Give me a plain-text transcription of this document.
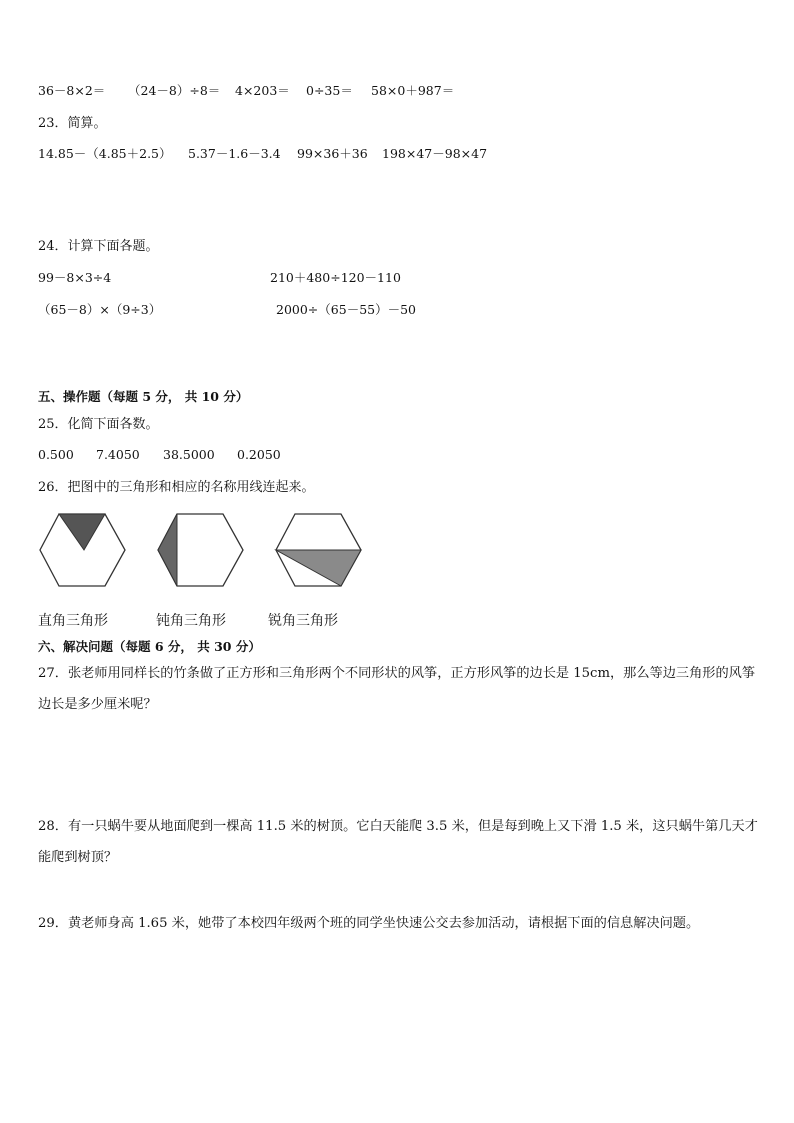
36－8×2＝ （24－8）÷8＝ 4×203＝ 0÷35＝ 58×0＋987＝
23．简算。
14.85－（4.85＋2.5） 5.37－1.6－3.4 99×36＋36 198×47－98×47
24．计算下面各题。
99－8×3÷4	210＋480÷120－110
（65－8）×（9÷3）	2000÷（65－55）－50
五、操作题（每题 5 分， 共 10 分）
25．化简下面各数。
0.500 7.4050 38.5000 0.2050
26．把图中的三角形和相应的名称用线连起来。
直角三角形	钝角三角形	锐角三角形
六、解决问题（每题 6 分， 共 30 分）

27．张老师用同样长的竹条做了正方形和三角形两个不同形状的风筝，正方形风筝的边长是 15cm，那么等边三角形的风筝边长是多少厘米呢？

28．有一只蜗牛要从地面爬到一棵高 11.5 米的树顶。它白天能爬 3.5 米，但是每到晚上又下滑 1.5 米，这只蜗牛第几天才能爬到树顶？

29．黄老师身高 1.65 米，她带了本校四年级两个班的同学坐快速公交去参加活动，请根据下面的信息解决问题。
